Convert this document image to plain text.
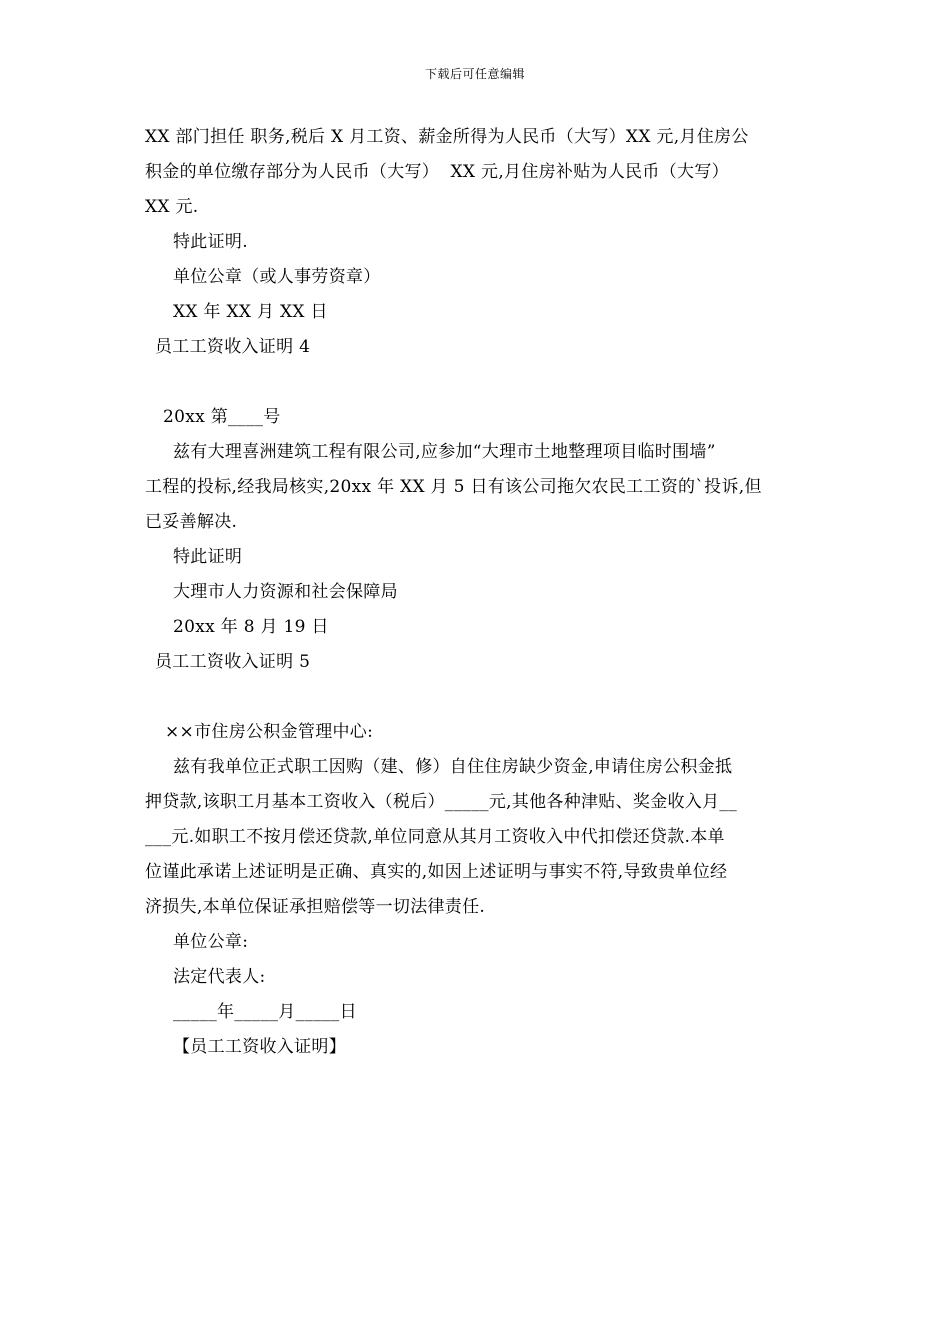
下载后可任意编辑
XX 部门担任 职务,税后 X 月工资、薪金所得为人民币（大写）XX 元,月住房公
积金的单位缴存部分为人民币（大写）  XX 元,月住房补贴为人民币（大写）
XX 元.
特此证明.
单位公章（或人事劳资章）
XX 年 XX 月 XX 日
员工工资收入证明 4
20xx 第____号
兹有大理喜洲建筑工程有限公司,应参加“大理市土地整理项目临时围墙”
工程的投标,经我局核实,20xx 年 XX 月 5 日有该公司拖欠农民工工资的`投诉,但
已妥善解决.
特此证明
大理市人力资源和社会保障局
20xx 年 8 月 19 日
员工工资收入证明 5
××市住房公积金管理中心:
兹有我单位正式职工因购（建、修）自住住房缺少资金,申请住房公积金抵
押贷款,该职工月基本工资收入（税后）_____元,其他各种津贴、奖金收入月__
___元.如职工不按月偿还贷款,单位同意从其月工资收入中代扣偿还贷款.本单
位谨此承诺上述证明是正确、真实的,如因上述证明与事实不符,导致贵单位经
济损失,本单位保证承担赔偿等一切法律责任.
单位公章:
法定代表人:
_____年_____月_____日
【员工工资收入证明】
